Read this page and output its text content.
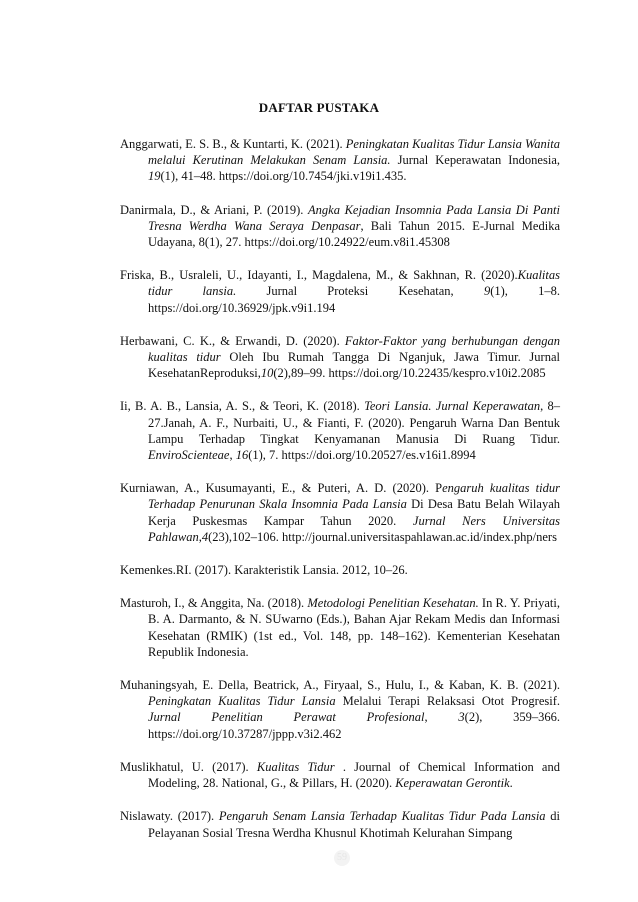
DAFTAR PUSTAKA

Anggarwati, E. S. B., & Kuntarti, K. (2021). Peningkatan Kualitas Tidur Lansia Wanita melalui Kerutinan Melakukan Senam Lansia. Jurnal Keperawatan Indonesia, 19(1), 41–48. https://doi.org/10.7454/jki.v19i1.435.

Danirmala, D., & Ariani, P. (2019). Angka Kejadian Insomnia Pada Lansia Di Panti Tresna Werdha Wana Seraya Denpasar, Bali Tahun 2015. E-Jurnal Medika Udayana, 8(1), 27. https://doi.org/10.24922/eum.v8i1.45308

Friska, B., Usraleli, U., Idayanti, I., Magdalena, M., & Sakhnan, R. (2020).Kualitas tidur lansia. Jurnal Proteksi Kesehatan, 9(1), 1–8. https://doi.org/10.36929/jpk.v9i1.194

Herbawani, C. K., & Erwandi, D. (2020). Faktor-Faktor yang berhubungan dengan kualitas tidur Oleh Ibu Rumah Tangga Di Nganjuk, Jawa Timur. Jurnal KesehatanReproduksi,10(2),89–99. https://doi.org/10.22435/kespro.v10i2.2085

Ii, B. A. B., Lansia, A. S., & Teori, K. (2018). Teori Lansia. Jurnal Keperawatan, 8–27.Janah, A. F., Nurbaiti, U., & Fianti, F. (2020). Pengaruh Warna Dan Bentuk Lampu Terhadap Tingkat Kenyamanan Manusia Di Ruang Tidur. EnviroScienteae, 16(1), 7. https://doi.org/10.20527/es.v16i1.8994

Kurniawan, A., Kusumayanti, E., & Puteri, A. D. (2020). Pengaruh kualitas tidur Terhadap Penurunan Skala Insomnia Pada Lansia Di Desa Batu Belah Wilayah Kerja Puskesmas Kampar Tahun 2020. Jurnal Ners Universitas Pahlawan,4(23),102–106. http://journal.universitaspahlawan.ac.id/index.php/ners

Kemenkes.RI. (2017). Karakteristik Lansia. 2012, 10–26.

Masturoh, I., & Anggita, Na. (2018). Metodologi Penelitian Kesehatan. In R. Y. Priyati, B. A. Darmanto, & N. SUwarno (Eds.), Bahan Ajar Rekam Medis dan Informasi Kesehatan (RMIK) (1st ed., Vol. 148, pp. 148–162). Kementerian Kesehatan Republik Indonesia.

Muhaningsyah, E. Della, Beatrick, A., Firyaal, S., Hulu, I., & Kaban, K. B. (2021). Peningkatan Kualitas Tidur Lansia Melalui Terapi Relaksasi Otot Progresif. Jurnal Penelitian Perawat Profesional, 3(2), 359–366. https://doi.org/10.37287/jppp.v3i2.462

Muslikhatul, U. (2017). Kualitas Tidur . Journal of Chemical Information and Modeling, 28. National, G., & Pillars, H. (2020). Keperawatan Gerontik.

Nislawaty. (2017). Pengaruh Senam Lansia Terhadap Kualitas Tidur Pada Lansia di Pelayanan Sosial Tresna Werdha Khusnul Khotimah Kelurahan Simpang

59
